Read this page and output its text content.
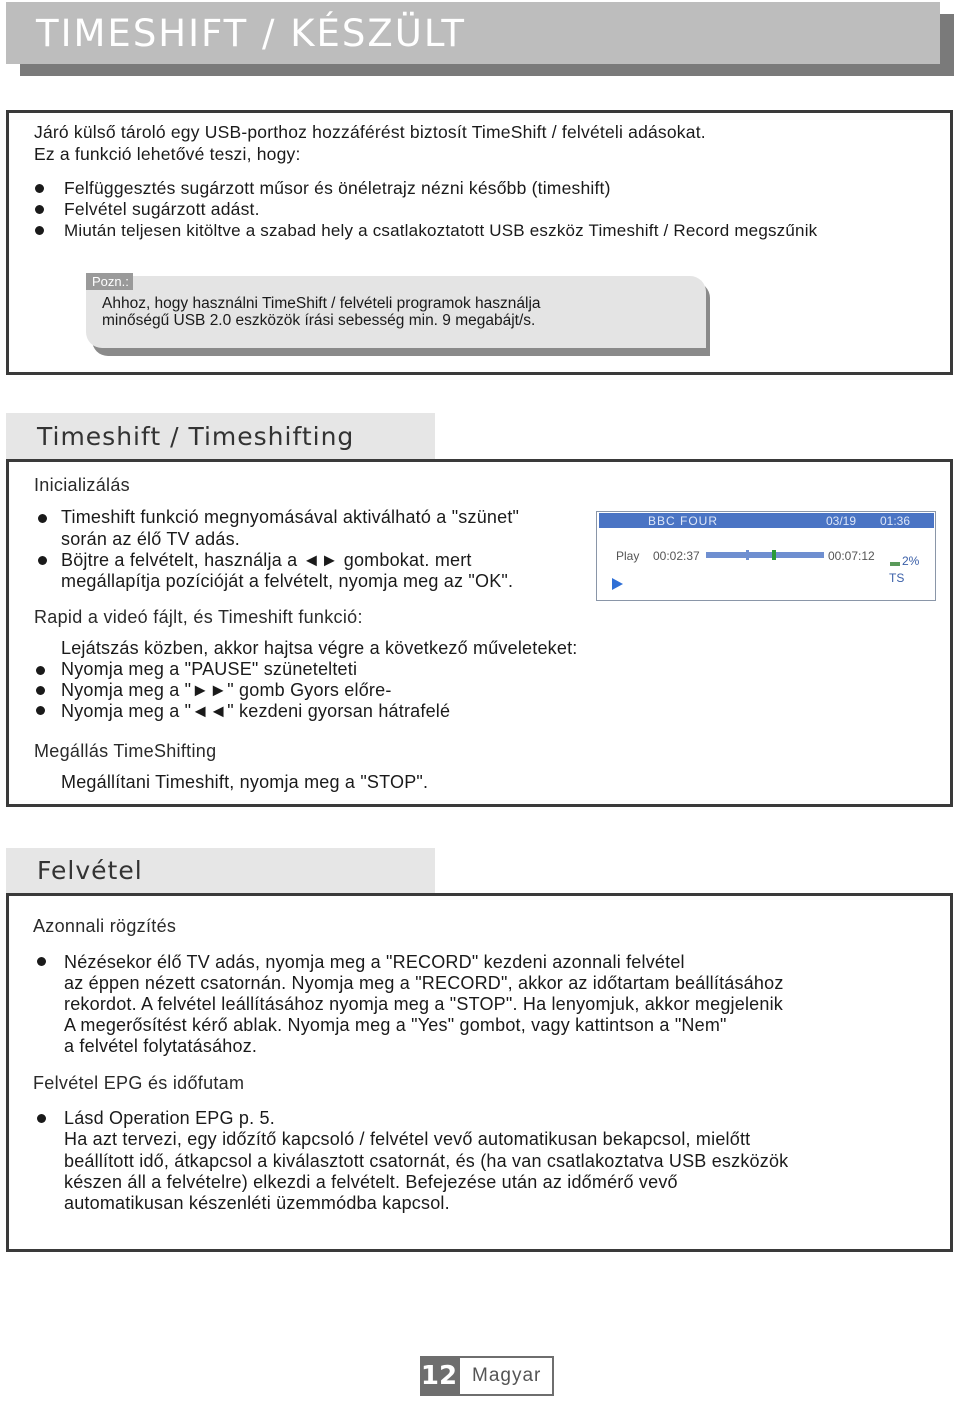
TIMESHIFT / KÉSZÜLT
Járó külső tároló egy USB-porthoz hozzáférést biztosít TimeShift / felvételi adásokat.
Ez a funkció lehetővé teszi, hogy:
Felfüggesztés sugárzott műsor és önéletrajz nézni később (timeshift)
Felvétel sugárzott adást.
Miután teljesen kitöltve a szabad hely a csatlakoztatott USB eszköz Timeshift / Record megszűnik
Pozn.:
Ahhoz, hogy használni TimeShift / felvételi programok használja
minőségű USB 2.0 eszközök írási sebesség min. 9 megabájt/s.
Timeshift / Timeshifting
Inicializálás
Timeshift funkció megnyomásával aktiválható a "szünet"
során az élő TV adás.
Böjtre a felvételt, használja a ◄► gombokat. mert
megállapítja pozícióját a felvételt, nyomja meg az "OK".
BBC FOUR	03/19 01:36
Play 00:02:37	00:07:12 2%
TS
Rapid a videó fájlt, és Timeshift funkció:
Lejátszás közben, akkor hajtsa végre a következő műveleteket:
Nyomja meg a "PAUSE" szünetelteti
Nyomja meg a "►►" gomb Gyors előre-
Nyomja meg a "◄◄" kezdeni gyorsan hátrafelé
Megállás TimeShifting
Megállítani Timeshift, nyomja meg a "STOP".
Felvétel
Azonnali rögzítés
Nézésekor élő TV adás, nyomja meg a "RECORD" kezdeni azonnali felvétel
az éppen nézett csatornán. Nyomja meg a "RECORD", akkor az időtartam beállításához
rekordot. A felvétel leállításához nyomja meg a "STOP". Ha lenyomjuk, akkor megjelenik
A megerősítést kérő ablak. Nyomja meg a "Yes" gombot, vagy kattintson a "Nem"
a felvétel folytatásához.
Felvétel EPG és időfutam
Lásd Operation EPG p. 5.
Ha azt tervezi, egy időzítő kapcsoló / felvétel vevő automatikusan bekapcsol, mielőtt
beállított idő, átkapcsol a kiválasztott csatornát, és (ha van csatlakoztatva USB eszközök
készen áll a felvételre) elkezdi a felvételt. Befejezése után az időmérő vevő
automatikusan készenléti üzemmódba kapcsol.
12 Magyar
